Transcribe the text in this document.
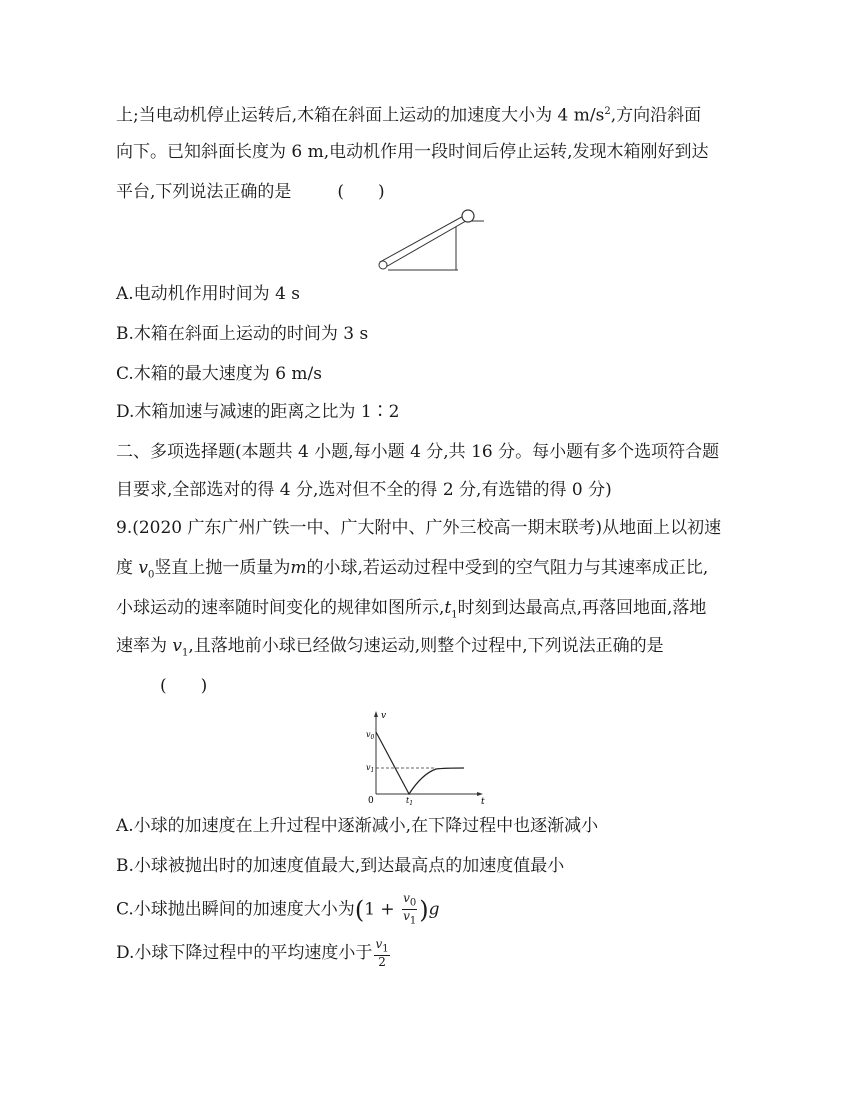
上;当电动机停止运转后,木箱在斜面上运动的加速度大小为 4 $m/s^2$,方向沿斜面
向下。已知斜面长度为 6 m,电动机作用一段时间后停止运转,发现木箱刚好到达
平台,下列说法正确的是	(　　)
A.电动机作用时间为 4 s
B.木箱在斜面上运动的时间为 3 s
C.木箱的最大速度为 6 m/s
D.木箱加速与减速的距离之比为 1∶2
二、多项选择题(本题共 4 小题,每小题 4 分,共 16 分。每小题有多个选项符合题
目要求,全部选对的得 4 分,选对但不全的得 2 分,有选错的得 0 分)
9.(2020 广东广州广铁一中、广大附中、广外三校高一期末联考)从地面上以初速
度 $v_0$竖直上抛一质量为m的小球,若运动过程中受到的空气阻力与其速率成正比,
小球运动的速率随时间变化的规律如图所示$,t_1$时刻到达最高点,再落回地面,落地
速率为 $v_1$,且落地前小球已经做匀速运动,则整个过程中,下列说法正确的是
(　　)
v
t
0
$v_0$
$v_1$
$t_1$
A.小球的加速度在上升过程中逐渐减小,在下降过程中也逐渐减小
B.小球被抛出时的加速度值最大,到达最高点的加速度值最小
C.小球抛出瞬间的加速度大小为$(1 + \frac{v_0}{v_1} )g$
D.小球下降过程中的平均速度小于 $\frac{v_1}{2}$
